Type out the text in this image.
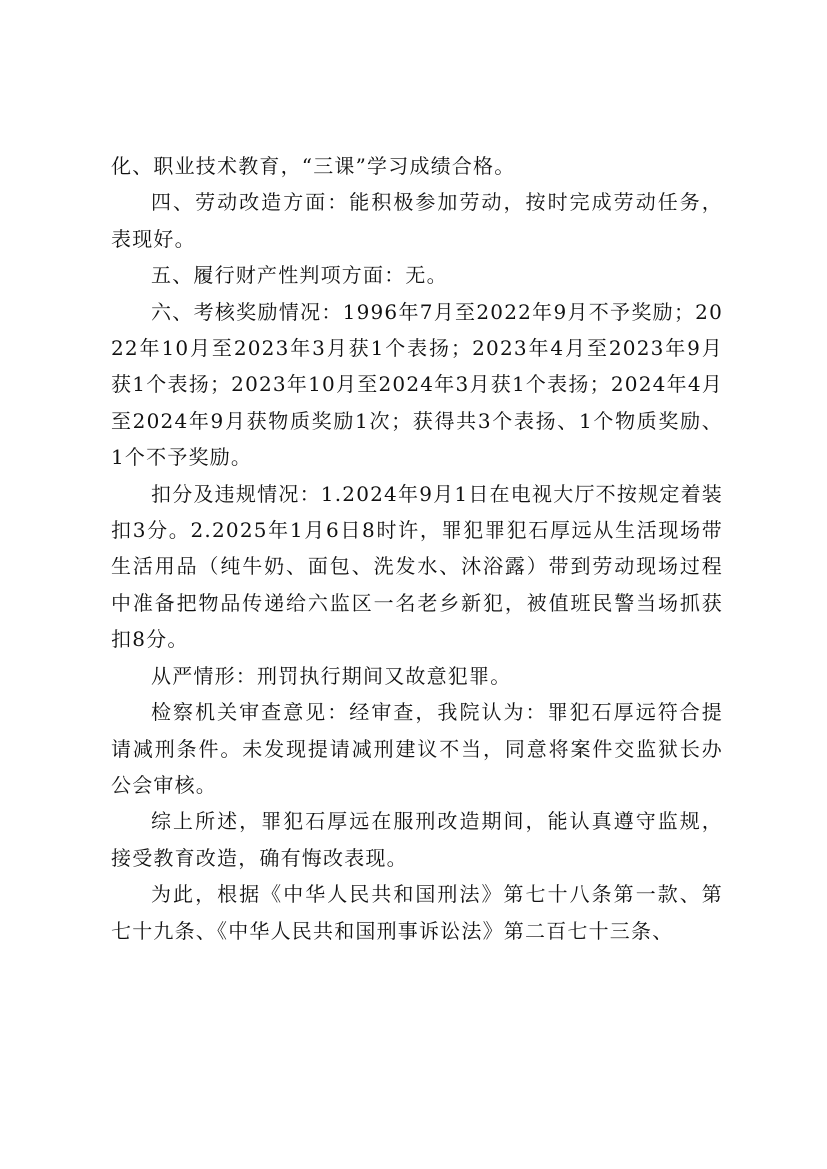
化、职业技术教育，“三课”学习成绩合格。

四、劳动改造方面：能积极参加劳动，按时完成劳动任务，表现好。

五、履行财产性判项方面：无。

六、考核奖励情况：1996年7月至2022年9月不予奖励；2022年10月至2023年3月获1个表扬；2023年4月至2023年9月获1个表扬；2023年10月至2024年3月获1个表扬；2024年4月至2024年9月获物质奖励1次；获得共3个表扬、1个物质奖励、1个不予奖励。

扣分及违规情况：1.2024年9月1日在电视大厅不按规定着装扣3分。2.2025年1月6日8时许，罪犯罪犯石厚远从生活现场带生活用品（纯牛奶、面包、洗发水、沐浴露）带到劳动现场过程中准备把物品传递给六监区一名老乡新犯，被值班民警当场抓获扣8分。

从严情形：刑罚执行期间又故意犯罪。

检察机关审查意见：经审查，我院认为：罪犯石厚远符合提请减刑条件。未发现提请减刑建议不当，同意将案件交监狱长办公会审核。

综上所述，罪犯石厚远在服刑改造期间，能认真遵守监规，接受教育改造，确有悔改表现。

为此，根据《中华人民共和国刑法》第七十八条第一款、第七十九条、《中华人民共和国刑事诉讼法》第二百七十三条、
